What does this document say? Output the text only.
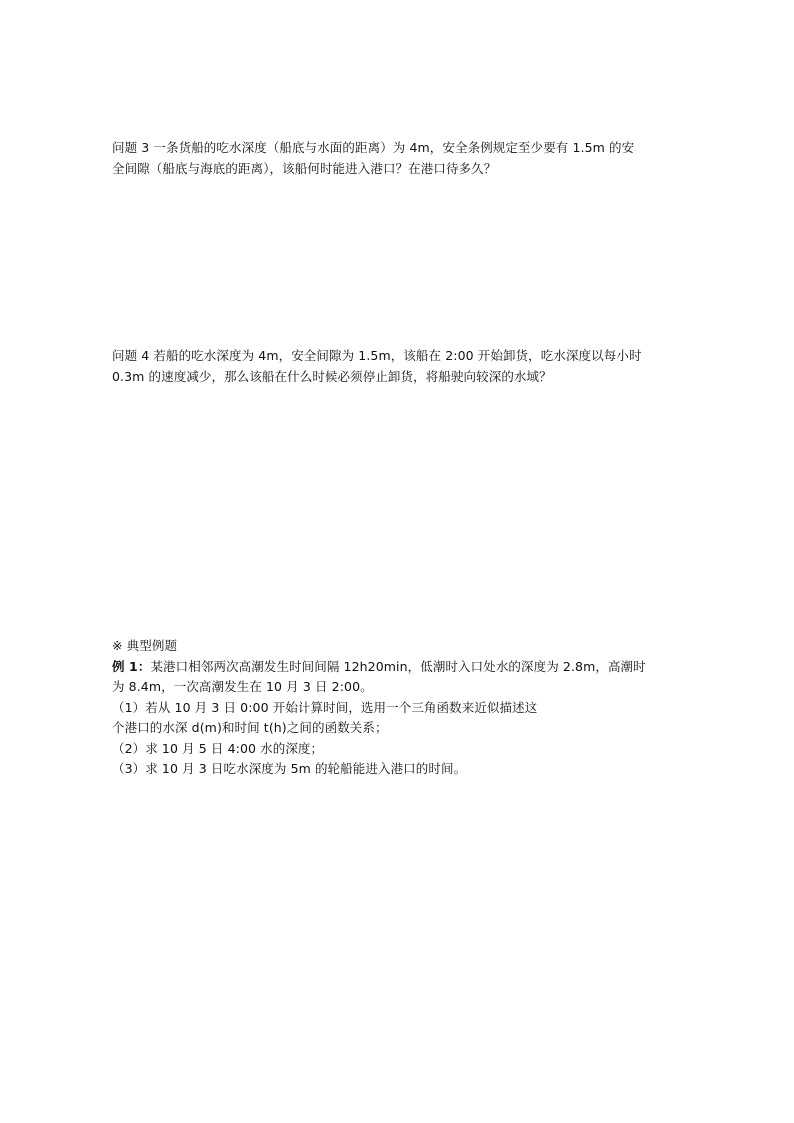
问题 3 一条货船的吃水深度（船底与水面的距离）为 4m，安全条例规定至少要有 1.5m 的安
全间隙（船底与海底的距离），该船何时能进入港口？在港口待多久？
问题 4 若船的吃水深度为 4m，安全间隙为 1.5m，该船在 2:00 开始卸货，吃水深度以每小时
0.3m 的速度减少，那么该船在什么时候必须停止卸货，将船驶向较深的水域？
※ 典型例题
例 1：某港口相邻两次高潮发生时间间隔 12h20min，低潮时入口处水的深度为 2.8m，高潮时
为 8.4m，一次高潮发生在 10 月 3 日 2:00。
（1）若从 10 月 3 日 0:00 开始计算时间，选用一个三角函数来近似描述这
个港口的水深 d(m)和时间 t(h)之间的函数关系；
（2）求 10 月 5 日 4:00 水的深度；
（3）求 10 月 3 日吃水深度为 5m 的轮船能进入港口的时间。
